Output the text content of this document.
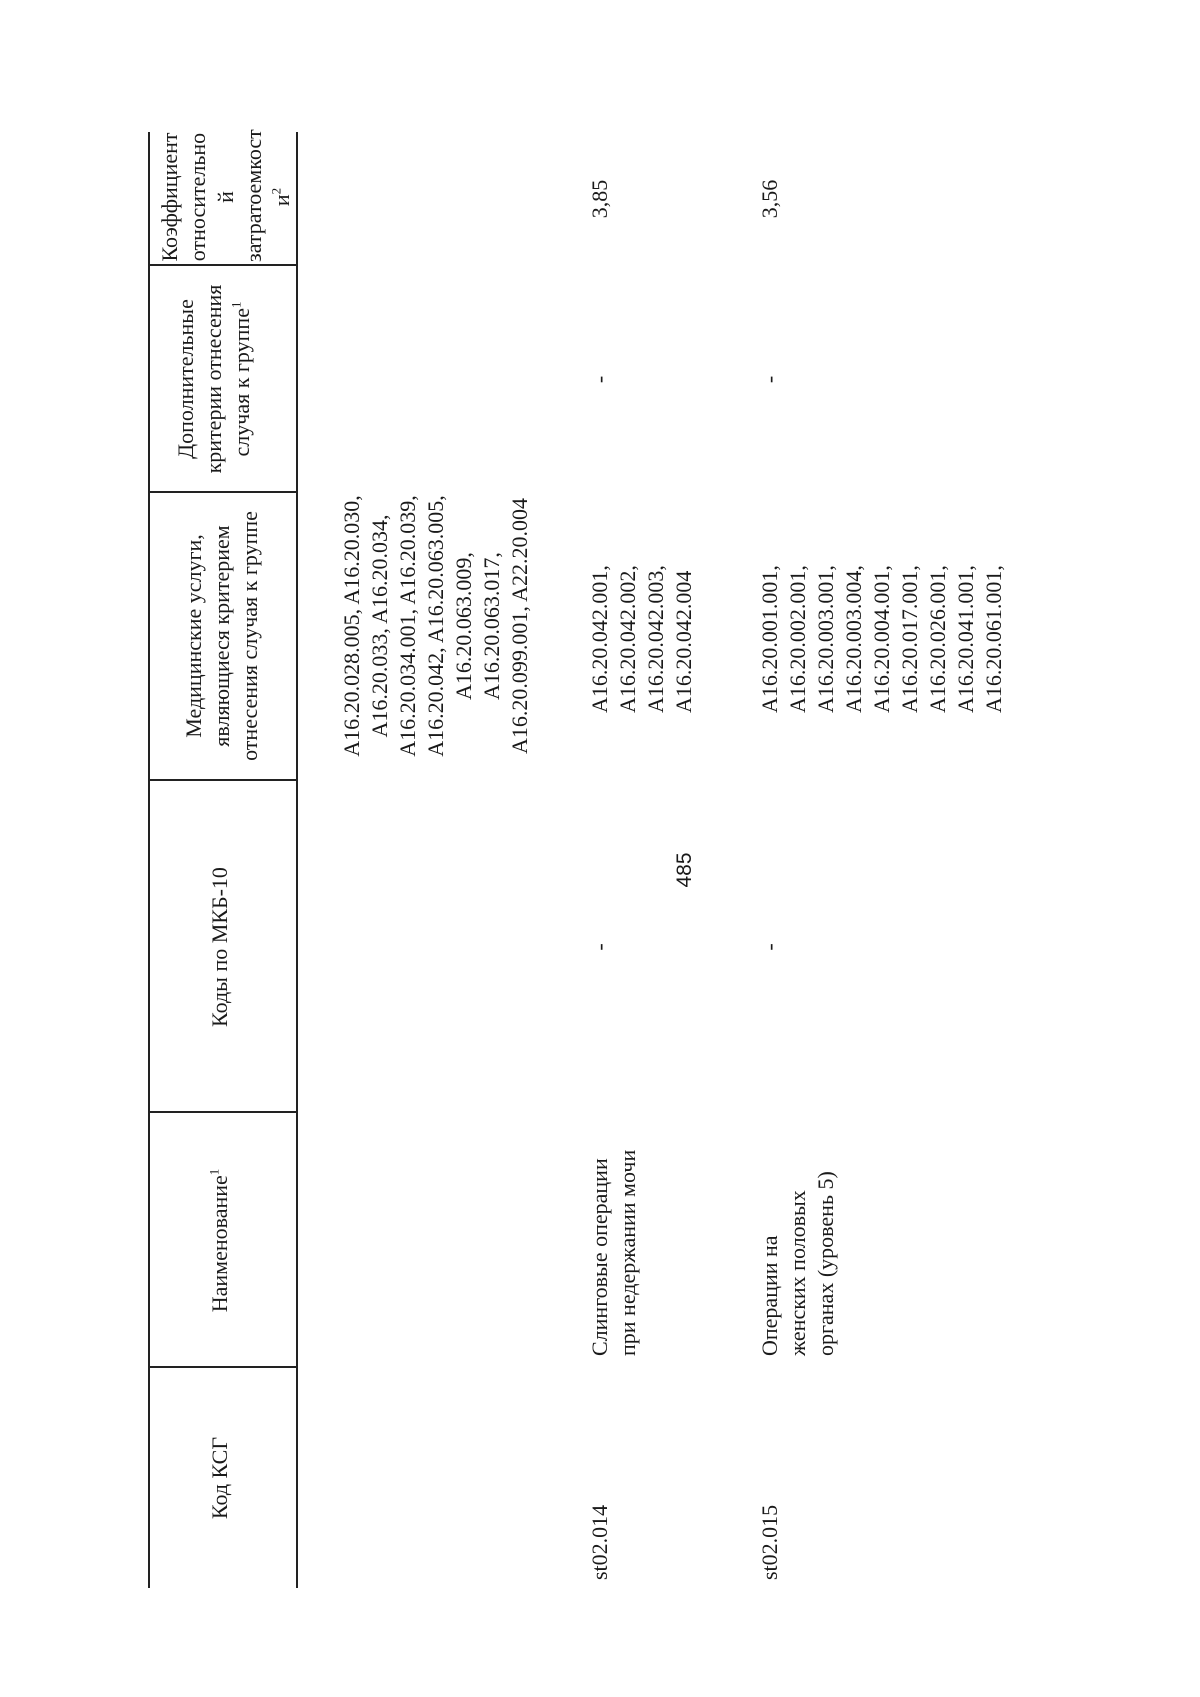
485
Код КСГ
Наименование$^1$
Коды по МКБ-10
Медицинские услуги, являющиеся критерием отнесения случая к группе
Дополнительные критерии отнесения случая к группе$^1$
Коэффициент относительно й затратоемкост $и^2$
A16.20.028.005, A16.20.030, A16.20.033, A16.20.034, A16.20.034.001, A16.20.039, A16.20.042, A16.20.063.005, A16.20.063.009, A16.20.063.017, A16.20.099.001, A22.20.004
st02.014
Слинговые операции при недержании мочи
-
A16.20.042.001, A16.20.042.002, A16.20.042.003, A16.20.042.004
-
3,85
st02.015
Операции на женских половых органах (уровень 5)
-
A16.20.001.001, A16.20.002.001, A16.20.003.001, A16.20.003.004, A16.20.004.001, A16.20.017.001, A16.20.026.001, A16.20.041.001, A16.20.061.001,
-
3,56
